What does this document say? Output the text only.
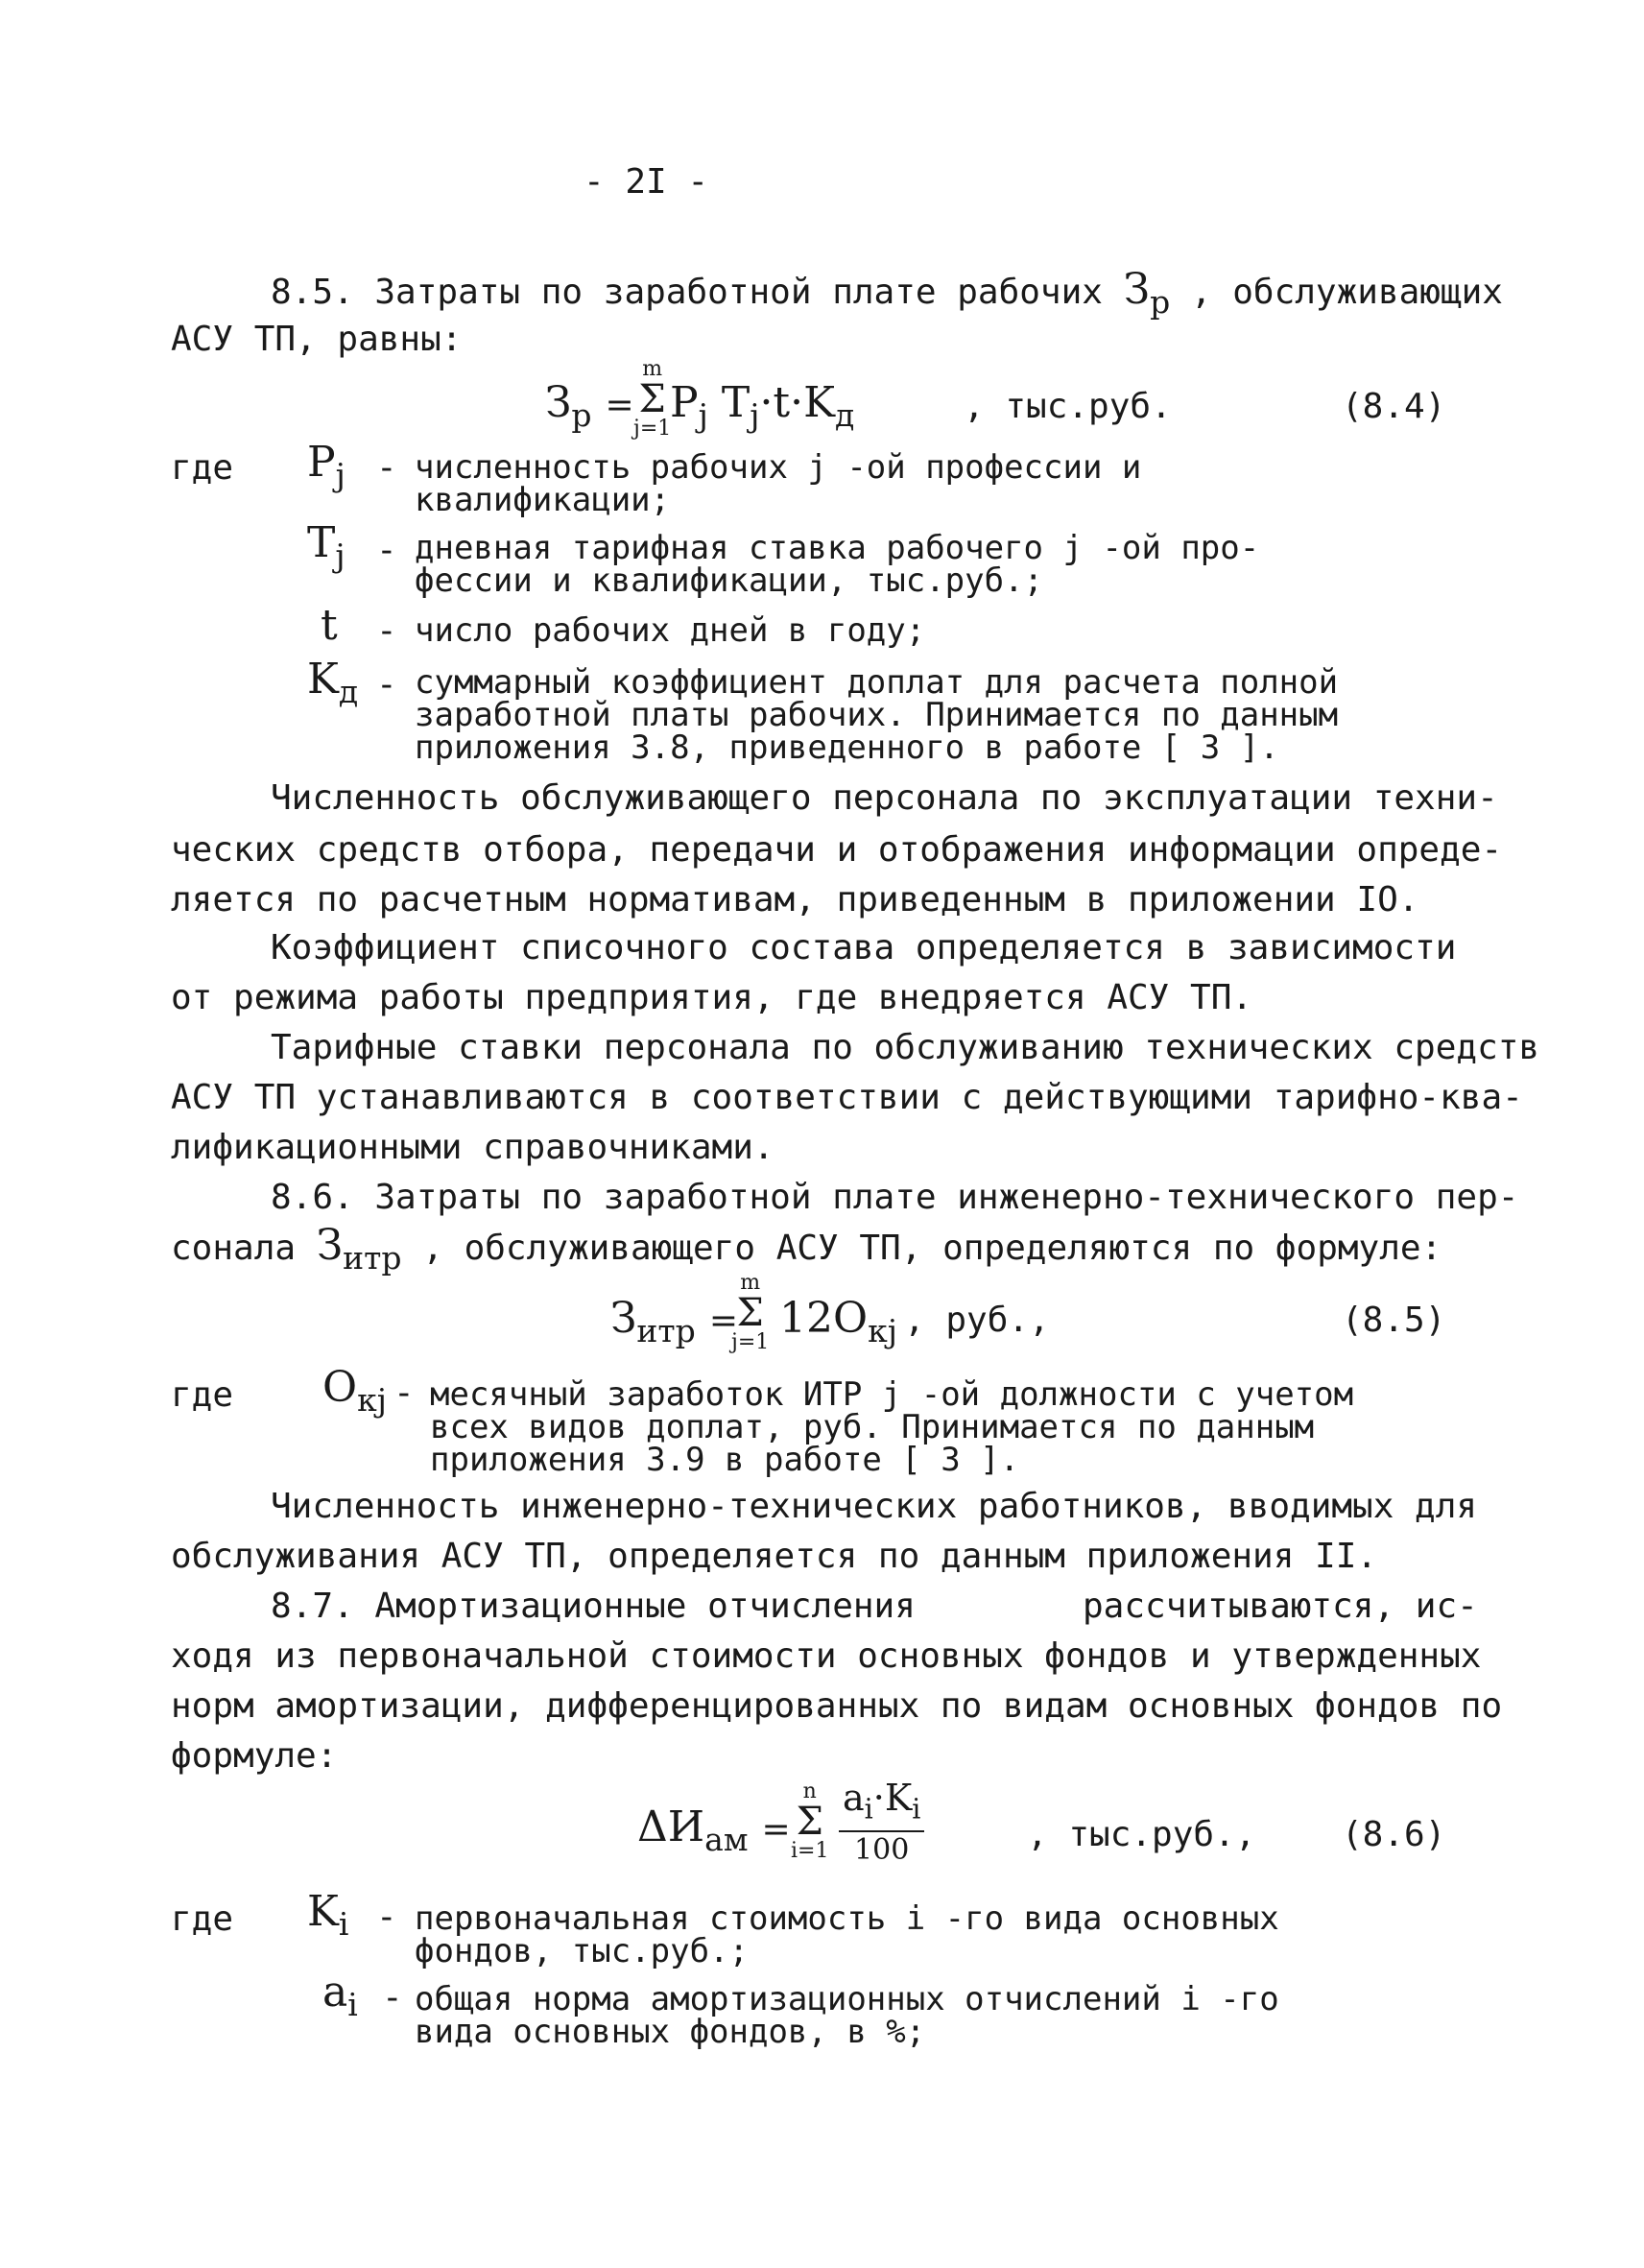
- 2I -
8.5. Затраты по заработной плате рабочих $З_р$ , обслуживающих
АСУ ТП, равны:
$З_р$ =
m
Σ
j=1
$P_j$ $T_j\cdot t\cdot K_д$	, тыс.руб.	(8.4)
где $P_j$ - численность рабочих j -ой профессии и
квалификации;
$T_j$ - дневная тарифная ставка рабочего j -ой про-
фессии и квалификации, тыс.руб.;
t - число рабочих дней в году;
$K_д$ - суммарный коэффициент доплат для расчета полной
заработной платы рабочих. Принимается по данным
приложения 3.8, приведенного в работе [ 3 ].
Численность обслуживающего персонала по эксплуатации техни-
ческих средств отбора, передачи и отображения информации опреде-
ляется по расчетным нормативам, приведенным в приложении IO.
Коэффициент списочного состава определяется в зависимости
от режима работы предприятия, где внедряется АСУ ТП.
Тарифные ставки персонала по обслуживанию технических средств
АСУ ТП устанавливаются в соответствии с действующими тарифно-ква-
лификационными справочниками.
8.6. Затраты по заработной плате инженерно-технического пер-
сонала $З_{итр}$ , обслуживающего АСУ ТП, определяются по формуле:
$З_{итр}$ =
m
Σ
j=1 $12O_{кj}$ , руб.,	(8.5)
где $O_{кj}$ - месячный заработок ИТР j -ой должности с учетом
всех видов доплат, руб. Принимается по данным
приложения 3.9 в работе [ 3 ].
Численность инженерно-технических работников, вводимых для
обслуживания АСУ ТП, определяется по данным приложения II.
8.7. Амортизационные отчисления	рассчитываются, ис-
ходя из первоначальной стоимости основных фондов и утвержденных
норм амортизации, дифференцированных по видам основных фондов по
формуле:
$\Delta И_{ам}$ =
n
Σ
i=1
$a_i\cdot K_i$
100	, тыс.руб., (8.6)
где $K_i$ - первоначальная стоимость i -го вида основных
фондов, тыс.руб.;
$a_i$ - общая норма амортизационных отчислений i -го
вида основных фондов, в %;
